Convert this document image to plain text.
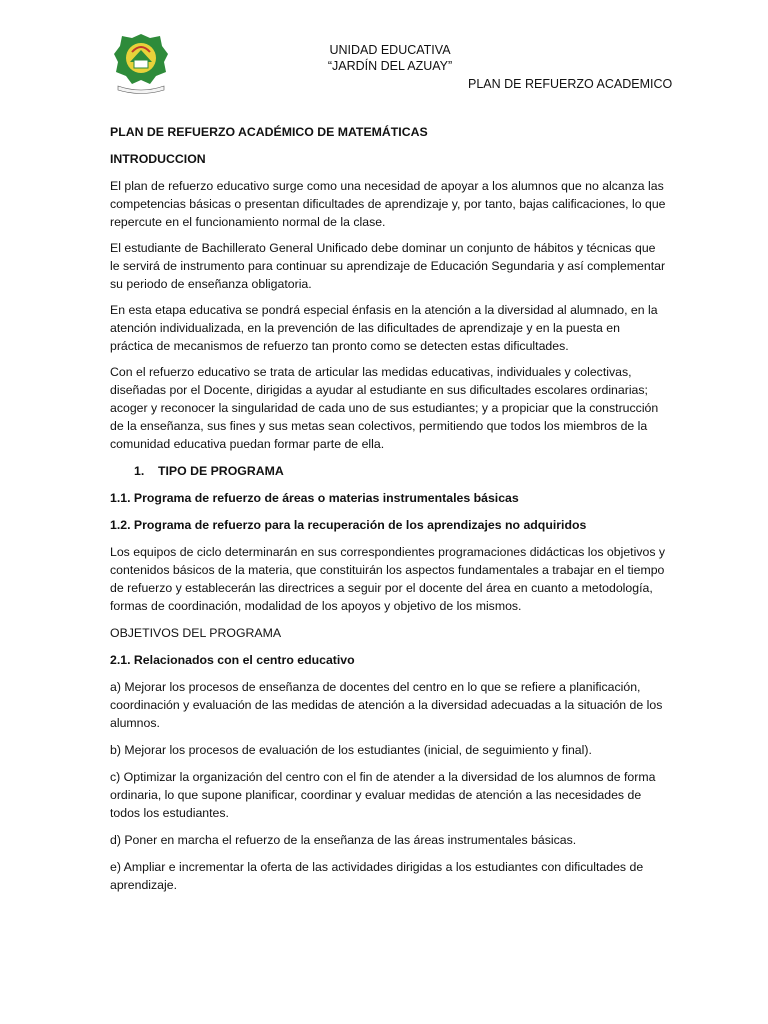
UNIDAD EDUCATIVA
“JARDÍN DEL AZUAY”
PLAN DE REFUERZO ACADEMICO

PLAN DE REFUERZO ACADÉMICO DE MATEMÁTICAS

INTRODUCCION

El plan de refuerzo educativo surge como una necesidad de apoyar a los alumnos que no alcanza las competencias básicas o presentan dificultades de aprendizaje y, por tanto, bajas calificaciones, lo que repercute en el funcionamiento normal de la clase.

El estudiante de Bachillerato General Unificado debe dominar un conjunto de hábitos y técnicas que le servirá de instrumento para continuar su aprendizaje de Educación Segundaria y así complementar su periodo de enseñanza obligatoria.

En esta etapa educativa se pondrá especial énfasis en la atención a la diversidad al alumnado, en la atención individualizada, en la prevención de las dificultades de aprendizaje y en la puesta en práctica de mecanismos de refuerzo tan pronto como se detecten estas dificultades.

Con el refuerzo educativo se trata de articular las medidas educativas, individuales y colectivas, diseñadas por el Docente, dirigidas a ayudar al estudiante en sus dificultades escolares ordinarias; acoger y reconocer la singularidad de cada uno de sus estudiantes; y a propiciar que la construcción de la enseñanza, sus fines y sus metas sean colectivos, permitiendo que todos los miembros de la comunidad educativa puedan formar parte de ella.

1. TIPO DE PROGRAMA

1.1. Programa de refuerzo de áreas o materias instrumentales básicas

1.2. Programa de refuerzo para la recuperación de los aprendizajes no adquiridos

Los equipos de ciclo determinarán en sus correspondientes programaciones didácticas los objetivos y contenidos básicos de la materia, que constituirán los aspectos fundamentales a trabajar en el tiempo de refuerzo y establecerán las directrices a seguir por el docente del área en cuanto a metodología, formas de coordinación, modalidad de los apoyos y objetivo de los mismos.

OBJETIVOS DEL PROGRAMA

2.1. Relacionados con el centro educativo

a) Mejorar los procesos de enseñanza de docentes del centro en lo que se refiere a planificación, coordinación y evaluación de las medidas de atención a la diversidad adecuadas a la situación de los alumnos.

b) Mejorar los procesos de evaluación de los estudiantes (inicial, de seguimiento y final).

c) Optimizar la organización del centro con el fin de atender a la diversidad de los alumnos de forma ordinaria, lo que supone planificar, coordinar y evaluar medidas de atención a las necesidades de todos los estudiantes.

d) Poner en marcha el refuerzo de la enseñanza de las áreas instrumentales básicas.

e) Ampliar e incrementar la oferta de las actividades dirigidas a los estudiantes con dificultades de aprendizaje.
